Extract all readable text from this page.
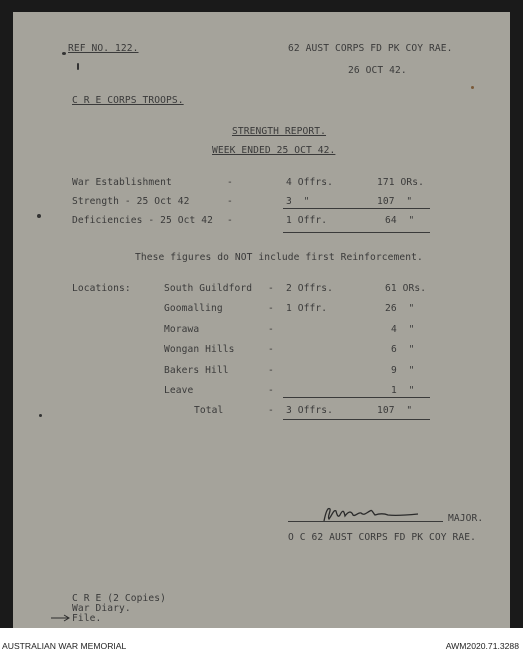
REF NO. 122.	62 AUST CORPS FD PK COY RAE.
26 OCT 42.
C R E CORPS TROOPS.
STRENGTH REPORT.
WEEK ENDED 25 OCT 42.
War Establishment	-	4 Offrs.	171 ORs.
Strength - 25 Oct 42	-	3  "	107  "
Deficiencies - 25 Oct 42 -	1 Offr.	64  "
These figures do NOT include first Reinforcement.
Locations:	South Guildford - 2 Offrs.	61 ORs.
Goomalling	- 1 Offr.	26  "
Morawa	-	4  "
Wongan Hills	-	6  "
Bakers Hill	-	9  "
Leave	-	1  "
Total	- 3 Offrs.	107  "
MAJOR.
O C 62 AUST CORPS FD PK COY RAE.
C R E (2 Copies)
War Diary.
File.
AUSTRALIAN WAR MEMORIAL	AWM2020.71.3288
